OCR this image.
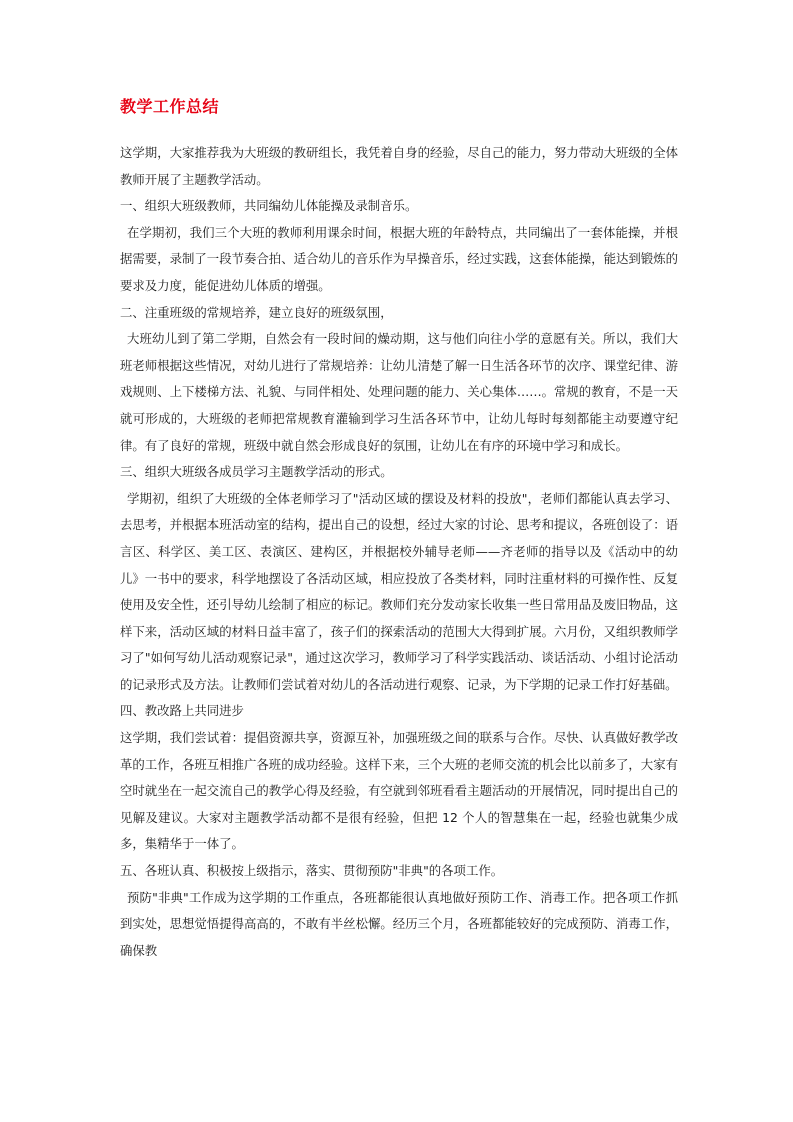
教学工作总结

这学期，大家推荐我为大班级的教研组长，我凭着自身的经验，尽自己的能力，努力带动大班级的全体教师开展了主题教学活动。

一、组织大班级教师，共同编幼儿体能操及录制音乐。

在学期初，我们三个大班的教师利用课余时间，根据大班的年龄特点，共同编出了一套体能操，并根据需要，录制了一段节奏合拍、适合幼儿的音乐作为早操音乐，经过实践，这套体能操，能达到锻炼的要求及力度，能促进幼儿体质的增强。

二、注重班级的常规培养，建立良好的班级氛围，

大班幼儿到了第二学期，自然会有一段时间的燥动期，这与他们向往小学的意愿有关。所以，我们大班老师根据这些情况，对幼儿进行了常规培养：让幼儿清楚了解一日生活各环节的次序、课堂纪律、游戏规则、上下楼梯方法、礼貌、与同伴相处、处理问题的能力、关心集体……。常规的教育，不是一天就可形成的，大班级的老师把常规教育灌输到学习生活各环节中，让幼儿每时每刻都能主动要遵守纪律。有了良好的常规，班级中就自然会形成良好的氛围，让幼儿在有序的环境中学习和成长。

三、组织大班级各成员学习主题教学活动的形式。

学期初，组织了大班级的全体老师学习了"活动区域的摆设及材料的投放"，老师们都能认真去学习、去思考，并根据本班活动室的结构，提出自己的设想，经过大家的讨论、思考和提议，各班创设了：语言区、科学区、美工区、表演区、建构区，并根据校外辅导老师——齐老师的指导以及《活动中的幼儿》一书中的要求，科学地摆设了各活动区域，相应投放了各类材料，同时注重材料的可操作性、反复使用及安全性，还引导幼儿绘制了相应的标记。教师们充分发动家长收集一些日常用品及废旧物品，这样下来，活动区域的材料日益丰富了，孩子们的探索活动的范围大大得到扩展。六月份，又组织教师学习了"如何写幼儿活动观察记录"，通过这次学习，教师学习了科学实践活动、谈话活动、小组讨论活动的记录形式及方法。让教师们尝试着对幼儿的各活动进行观察、记录，为下学期的记录工作打好基础。

四、教改路上共同进步

这学期，我们尝试着：提倡资源共享，资源互补，加强班级之间的联系与合作。尽快、认真做好教学改革的工作，各班互相推广各班的成功经验。这样下来，三个大班的老师交流的机会比以前多了，大家有空时就坐在一起交流自己的教学心得及经验，有空就到邻班看看主题活动的开展情况，同时提出自己的见解及建议。大家对主题教学活动都不是很有经验，但把 12 个人的智慧集在一起，经验也就集少成多，集精华于一体了。

五、各班认真、积极按上级指示，落实、贯彻预防"非典"的各项工作。

预防"非典"工作成为这学期的工作重点，各班都能很认真地做好预防工作、消毒工作。把各项工作抓到实处，思想觉悟提得高高的，不敢有半丝松懈。经历三个月，各班都能较好的完成预防、消毒工作，确保教
